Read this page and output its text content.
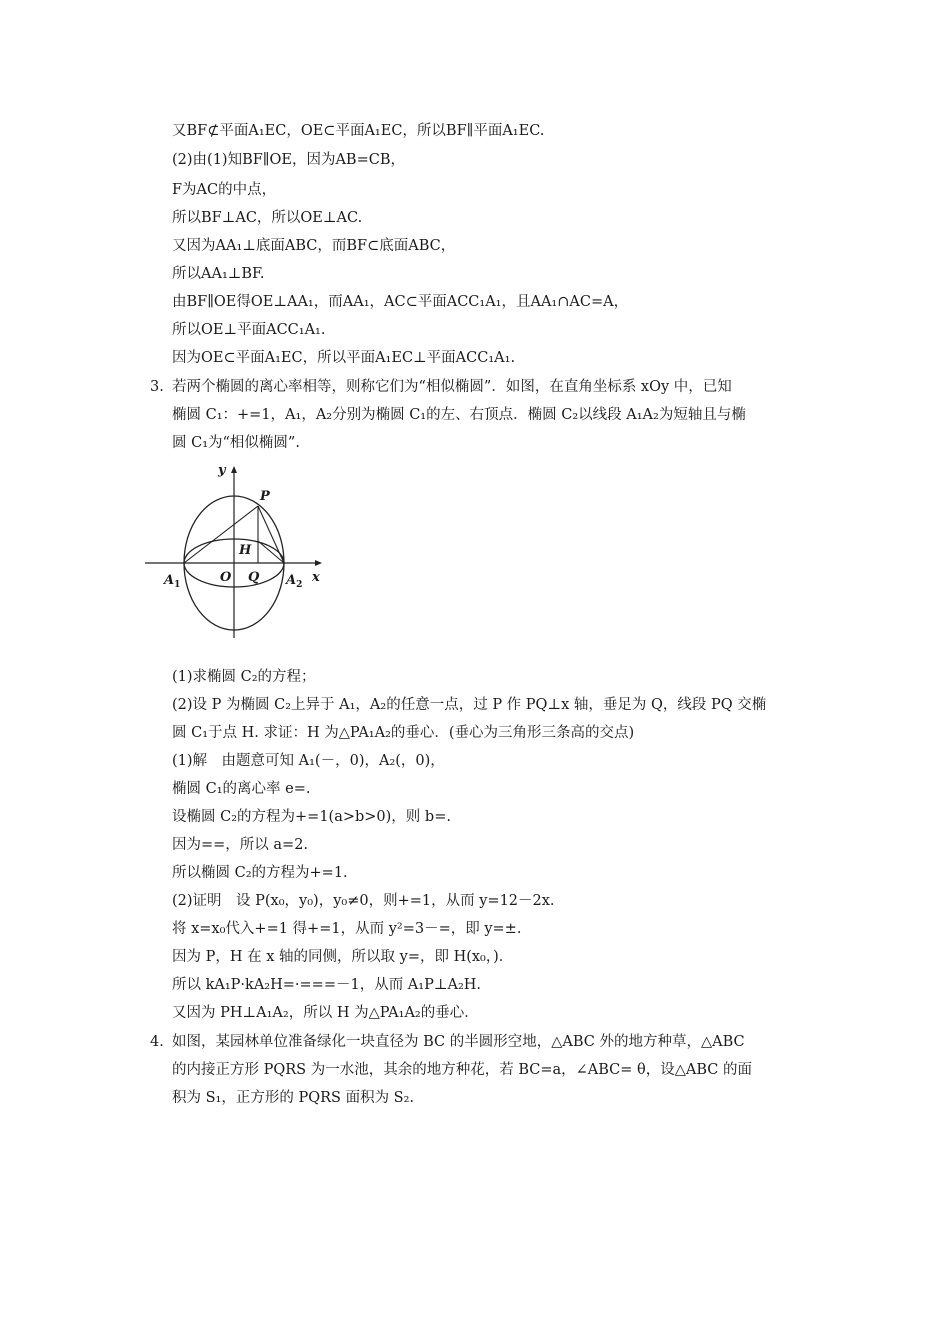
又BF⊄平面A₁EC，OE⊂平面A₁EC，所以BF∥平面A₁EC.
(2)由(1)知BF∥OE，因为AB=CB，
F为AC的中点，
所以BF⊥AC，所以OE⊥AC.
又因为AA₁⊥底面ABC，而BF⊂底面ABC，
所以AA₁⊥BF.
由BF∥OE得OE⊥AA₁，而AA₁，AC⊂平面ACC₁A₁，且AA₁∩AC=A，
所以OE⊥平面ACC₁A₁.
因为OE⊂平面A₁EC，所以平面A₁EC⊥平面ACC₁A₁.
3. 若两个椭圆的离心率相等，则称它们为“相似椭圆”．如图，在直角坐标系 xOy 中，已知
椭圆 C₁：+=1，A₁，A₂分别为椭圆 C₁的左、右顶点．椭圆 C₂以线段 A₁A₂为短轴且与椭
圆 C₁为“相似椭圆”.
y
x
P
H
O Q
$A_1$	$A_2$
(1)求椭圆 C₂的方程；
(2)设 P 为椭圆 C₂上异于 A₁，A₂的任意一点，过 P 作 PQ⊥x 轴，垂足为 Q，线段 PQ 交椭
圆 C₁于点 H. 求证：H 为△PA₁A₂的垂心．(垂心为三角形三条高的交点)
(1)解　由题意可知 A₁(－，0)，A₂(，0)，
椭圆 C₁的离心率 e=.
设椭圆 C₂的方程为+=1(a>b>0)，则 b=.
因为==，所以 a=2.
所以椭圆 C₂的方程为+=1.
(2)证明　设 P(x₀，y₀)，y₀≠0，则+=1，从而 y=12－2x.
将 x=x₀代入+=1 得+=1，从而 y²=3－=，即 y=±.
因为 P，H 在 x 轴的同侧，所以取 y=，即 H(x₀，)．
所以 kA₁P·kA₂H=·===－1，从而 A₁P⊥A₂H.
又因为 PH⊥A₁A₂，所以 H 为△PA₁A₂的垂心．
4．如图，某园林单位准备绿化一块直径为 BC 的半圆形空地，△ABC 外的地方种草，△ABC
的内接正方形 PQRS 为一水池，其余的地方种花，若 BC=a，∠ABC= θ，设△ABC 的面
积为 S₁，正方形的 PQRS 面积为 S₂.
